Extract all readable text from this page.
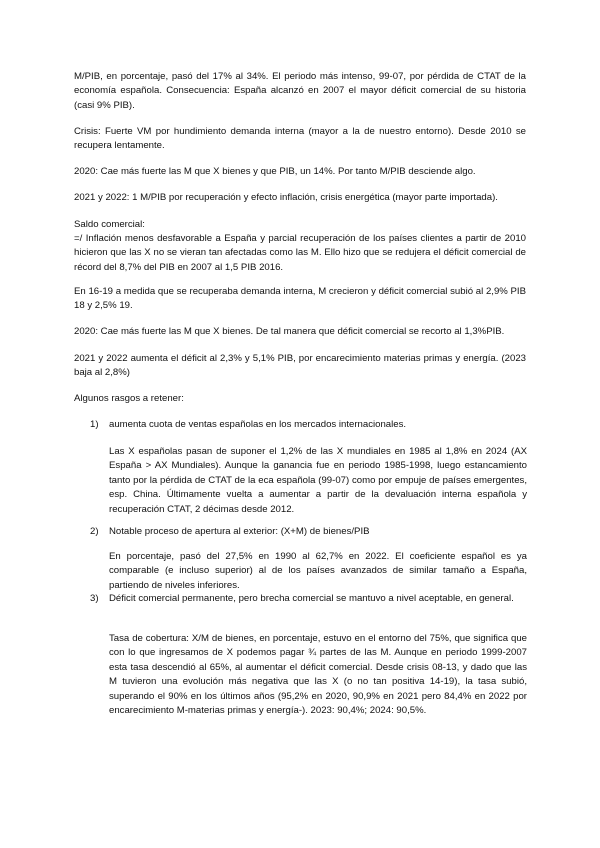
M/PIB, en porcentaje, pasó del 17% al 34%. El periodo más intenso, 99-07, por pérdida de CTAT de la economía española. Consecuencia: España alcanzó en 2007 el mayor déficit comercial de su historia (casi 9% PIB).

Crisis: Fuerte VM por hundimiento demanda interna (mayor a la de nuestro entorno). Desde 2010 se recupera lentamente.

2020: Cae más fuerte las M que X bienes y que PIB, un 14%. Por tanto M/PIB desciende algo.

2021 y 2022: 1 M/PIB por recuperación y efecto inflación, crisis energética (mayor parte importada).

Saldo comercial:

=/ Inflación menos desfavorable a España y parcial recuperación de los países clientes a partir de 2010 hicieron que las X no se vieran tan afectadas como las M. Ello hizo que se redujera el déficit comercial de récord del 8,7% del PIB en 2007 al 1,5 PIB 2016.

En 16-19 a medida que se recuperaba demanda interna, M crecieron y déficit comercial subió al 2,9% PIB 18 y 2,5% 19.

2020: Cae más fuerte las M que X bienes. De tal manera que déficit comercial se recorto al 1,3%PIB.

2021 y 2022 aumenta el déficit al 2,3% y 5,1% PIB, por encarecimiento materias primas y energía. (2023 baja al 2,8%)

Algunos rasgos a retener:

1) aumenta cuota de ventas españolas en los mercados internacionales.

Las X españolas pasan de suponer el 1,2% de las X mundiales en 1985 al 1,8% en 2024 (AX España > AX Mundiales). Aunque la ganancia fue en periodo 1985-1998, luego estancamiento tanto por la pérdida de CTAT de la eca española (99-07) como por empuje de países emergentes, esp. China. Últimamente vuelta a aumentar a partir de la devaluación interna española y recuperación CTAT, 2 décimas desde 2012.

2) Notable proceso de apertura al exterior: (X+M) de bienes/PIB

En porcentaje, pasó del 27,5% en 1990 al 62,7% en 2022. El coeficiente español es ya comparable (e incluso superior) al de los países avanzados de similar tamaño a España, partiendo de niveles inferiores.

3) Déficit comercial permanente, pero brecha comercial se mantuvo a nivel aceptable, en general.

Tasa de cobertura: X/M de bienes, en porcentaje, estuvo en el entorno del 75%, que significa que con lo que ingresamos de X podemos pagar ¾ partes de las M. Aunque en periodo 1999-2007 esta tasa descendió al 65%, al aumentar el déficit comercial. Desde crisis 08-13, y dado que las M tuvieron una evolución más negativa que las X (o no tan positiva 14-19), la tasa subió, superando el 90% en los últimos años (95,2% en 2020, 90,9% en 2021 pero 84,4% en 2022 por encarecimiento M-materias primas y energía-). 2023: 90,4%; 2024: 90,5%.
